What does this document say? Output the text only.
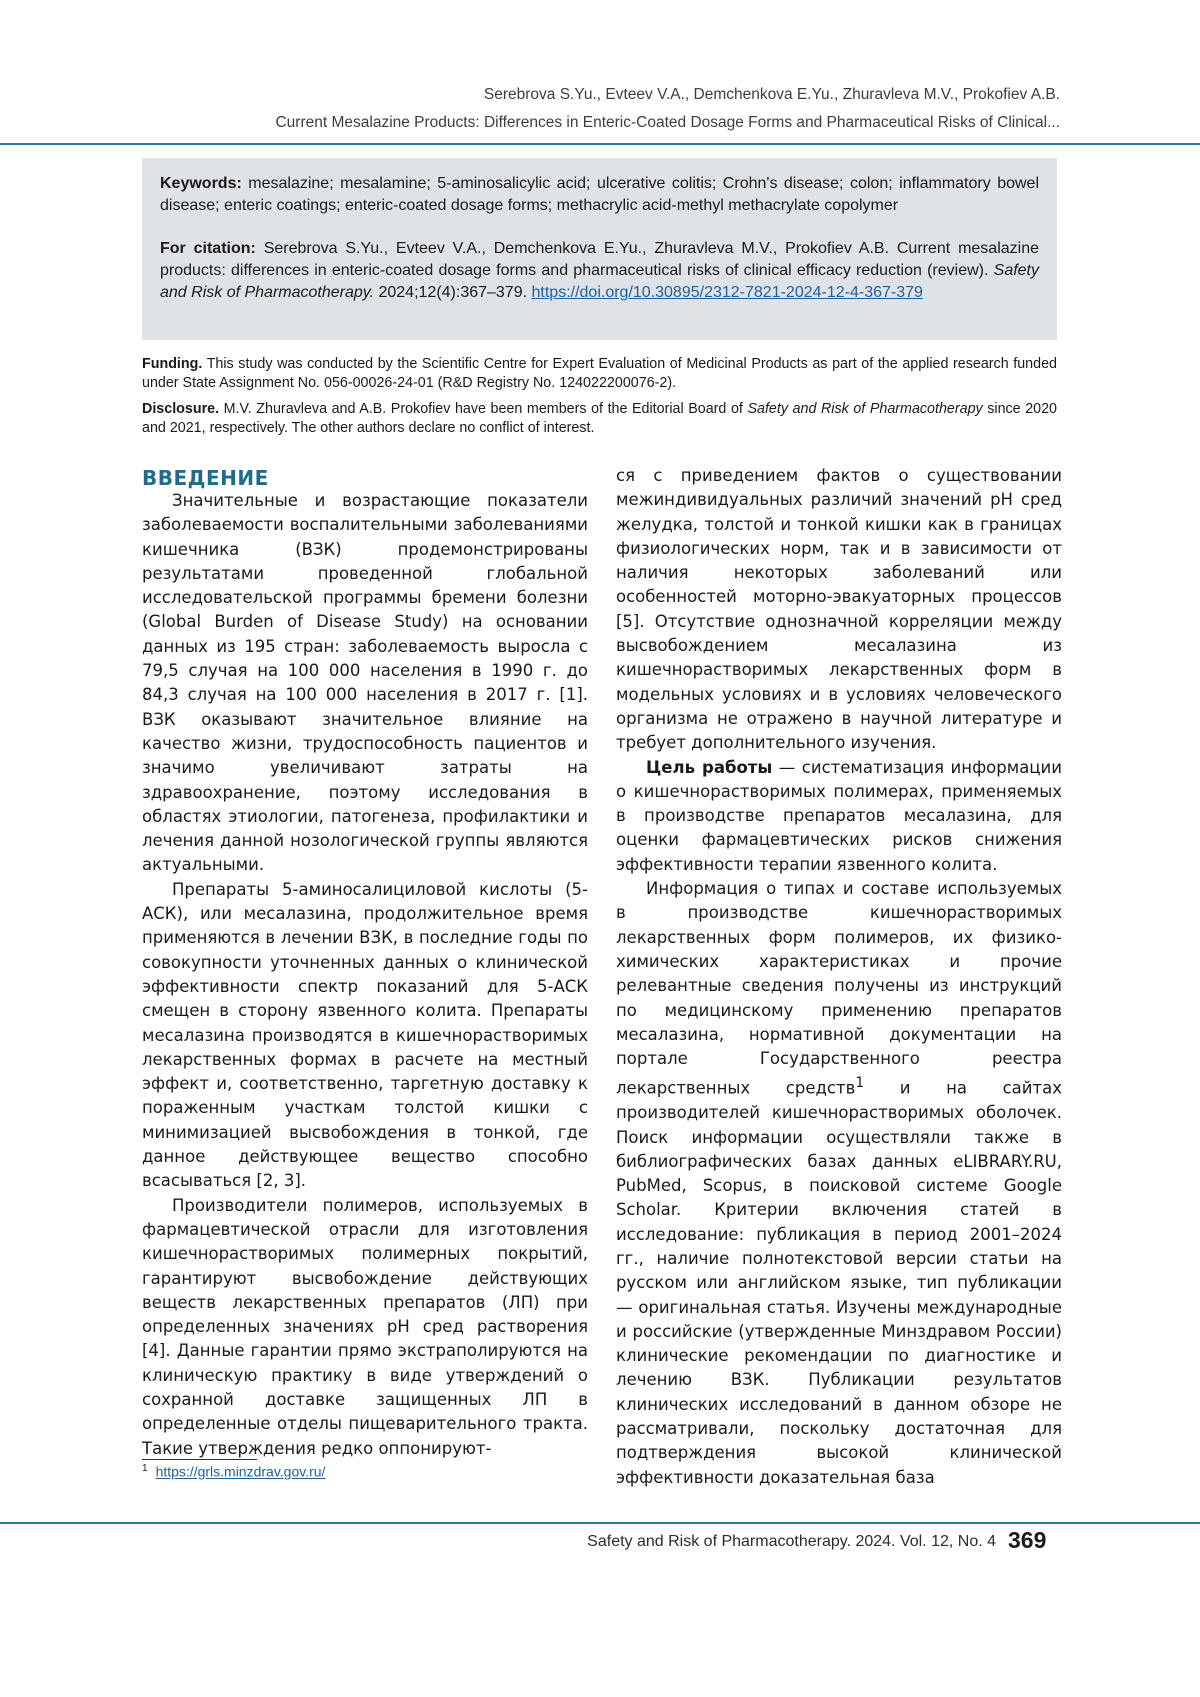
Serebrova S.Yu., Evteev V.A., Demchenkova E.Yu., Zhuravleva M.V., Prokofiev A.B.
Current Mesalazine Products: Differences in Enteric-Coated Dosage Forms and Pharmaceutical Risks of Clinical...

Keywords: mesalazine; mesalamine; 5-aminosalicylic acid; ulcerative colitis; Crohn's disease; colon; inflammatory bowel disease; enteric coatings; enteric-coated dosage forms; methacrylic acid-methyl methacrylate copolymer

For citation: Serebrova S.Yu., Evteev V.A., Demchenkova E.Yu., Zhuravleva M.V., Prokofiev A.B. Current mesalazine products: differences in enteric-coated dosage forms and pharmaceutical risks of clinical efficacy reduction (review). Safety and Risk of Pharmacotherapy. 2024;12(4):367–379. https://doi.org/10.30895/2312-7821-2024-12-4-367-379

Funding. This study was conducted by the Scientific Centre for Expert Evaluation of Medicinal Products as part of the applied research funded under State Assignment No. 056-00026-24-01 (R&D Registry No. 124022200076-2).

Disclosure. M.V. Zhuravleva and A.B. Prokofiev have been members of the Editorial Board of Safety and Risk of Pharmacotherapy since 2020 and 2021, respectively. The other authors declare no conflict of interest.

ВВЕДЕНИЕ

Значительные и возрастающие показатели заболеваемости воспалительными заболеваниями кишечника (ВЗК) продемонстрированы результатами проведенной глобальной исследовательской программы бремени болезни (Global Burden of Disease Study) на основании данных из 195 стран: заболеваемость выросла с 79,5 случая на 100 000 населения в 1990 г. до 84,3 случая на 100 000 населения в 2017 г. [1]. ВЗК оказывают значительное влияние на качество жизни, трудоспособность пациентов и значимо увеличивают затраты на здравоохранение, поэтому исследования в областях этиологии, патогенеза, профилактики и лечения данной нозологической группы являются актуальными.

Препараты 5-аминосалициловой кислоты (5-АСК), или месалазина, продолжительное время применяются в лечении ВЗК, в последние годы по совокупности уточненных данных о клинической эффективности спектр показаний для 5-АСК смещен в сторону язвенного колита. Препараты месалазина производятся в кишечнорастворимых лекарственных формах в расчете на местный эффект и, соответственно, таргетную доставку к пораженным участкам толстой кишки с минимизацией высвобождения в тонкой, где данное действующее вещество способно всасываться [2, 3].

Производители полимеров, используемых в фармацевтической отрасли для изготовления кишечнорастворимых полимерных покрытий, гарантируют высвобождение действующих веществ лекарственных препаратов (ЛП) при определенных значениях pH сред растворения [4]. Данные гарантии прямо экстраполируются на клиническую практику в виде утверждений о сохранной доставке защищенных ЛП в определенные отделы пищеварительного тракта. Такие утверждения редко оппонируют-

ся с приведением фактов о существовании межиндивидуальных различий значений pH сред желудка, толстой и тонкой кишки как в границах физиологических норм, так и в зависимости от наличия некоторых заболеваний или особенностей моторно-эвакуаторных процессов [5]. Отсутствие однозначной корреляции между высвобождением месалазина из кишечнорастворимых лекарственных форм в модельных условиях и в условиях человеческого организма не отражено в научной литературе и требует дополнительного изучения.

Цель работы — систематизация информации о кишечнорастворимых полимерах, применяемых в производстве препаратов месалазина, для оценки фармацевтических рисков снижения эффективности терапии язвенного колита.

Информация о типах и составе используемых в производстве кишечнорастворимых лекарственных форм полимеров, их физико-химических характеристиках и прочие релевантные сведения получены из инструкций по медицинскому применению препаратов месалазина, нормативной документации на портале Государственного реестра лекарственных средств$^1$ и на сайтах производителей кишечнорастворимых оболочек. Поиск информации осуществляли также в библиографических базах данных eLIBRARY.RU, PubMed, Scopus, в поисковой системе Google Scholar. Критерии включения статей в исследование: публикация в период 2001–2024 гг., наличие полнотекстовой версии статьи на русском или английском языке, тип публикации — оригинальная статья. Изучены международные и российские (утвержденные Минздравом России) клинические рекомендации по диагностике и лечению ВЗК. Публикации результатов клинических исследований в данном обзоре не рассматривали, поскольку достаточная для подтверждения высокой клинической эффективности доказательная база

$^1$ https://grls.minzdrav.gov.ru/
Safety and Risk of Pharmacotherapy. 2024. Vol. 12, No. 4 369
